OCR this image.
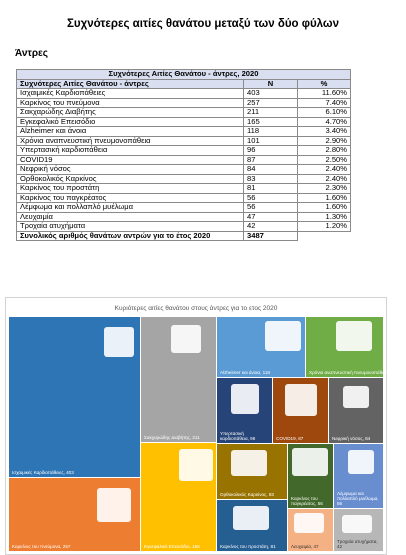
Συχνότερες αιτίες θανάτου μεταξύ των δύο φύλων
Άντρες
Συχνότερες Αιτίες Θανάτου - άντρες, 2020		
Συχνότερες Αιτίες Θανάτου - άντρες	N	%
Ισχαιμικές Καρδιοπάθειες	403	11.60%
Καρκίνος του πνεύμονα	257	7.40%
Σακχαρώδης Διαβήτης	211	6.10%
Εγκεφαλικό Επεισόδιο	165	4.70%
Alzheimer και άνοια	118	3.40%
Χρόνια αναπνευστική πνευμονοπάθεια	101	2.90%
Υπερτασική καρδιοπάθεια	96	2.80%
COVID19	87	2.50%
Νεφρική νόσος	84	2.40%
Ορθοκολικός Καρκίνος	83	2.40%
Καρκίνος του προστάτη	81	2.30%
Καρκίνος του παγκρέατος	56	1.60%
Λέμφωμα και πολλαπλό μυέλωμα	56	1.60%
Λευχαιμία	47	1.30%
Τροχαία ατυχήματα	42	1.20%
Συνολικός αριθμός θανάτων αντρών για το έτος 2020	3487	
Κυριότερες αιτίες θανάτου στους άντρες για το ετος 2020
Ισχαιμικές Καρδιοπάθειες, 403
Καρκίνος του πνεύμονα, 257
Σακχαρώδης Διαβήτης, 211
Εγκεφαλικό Επεισόδιο, 165
Alzheimer και άνοια, 118	Χρόνια αναπνευστική πνευμονοπάθεια, 101
Υπερτασική καρδιοπάθεια, 96	COVID19, 87	Νεφρική νόσος, 84
Ορθοκολικός Καρκίνος, 83
Καρκίνος του προστάτη, 81
Καρκίνος του παγκρέατος, 56
Λέμφωμα και πολλαπλό μυέλωμα, 56
Λευχαιμία, 47
Τροχαία ατυχήματα, 42
